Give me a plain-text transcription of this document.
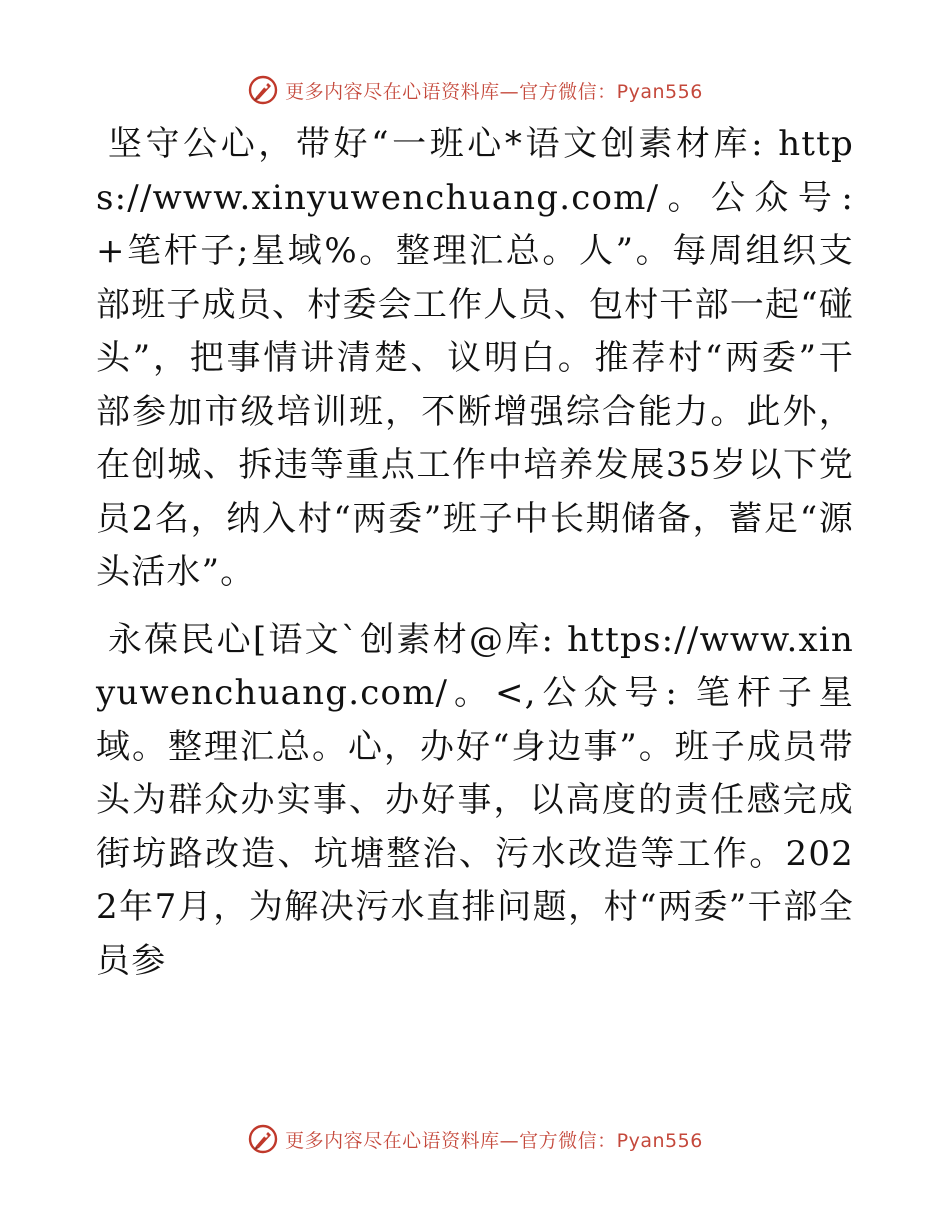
更多内容尽在心语资料库—官方微信：Pyan556

坚守公心，带好“一班心*语文创素材库: https://www.xinyuwenchuang.com/。公众号: +笔杆子;星域%。整理汇总。人”。每周组织支部班子成员、村委会工作人员、包村干部一起“碰头”，把事情讲清楚、议明白。推荐村“两委”干部参加市级培训班，不断增强综合能力。此外，在创城、拆违等重点工作中培养发展35岁以下党员2名，纳入村“两委”班子中长期储备，蓄足“源头活水”。

永葆民心[语文`创素材@库: https://www.xinyuwenchuang.com/。<,公众号: 笔杆子星域。整理汇总。心，办好“身边事”。班子成员带头为群众办实事、办好事，以高度的责任感完成街坊路改造、坑塘整治、污水改造等工作。2022年7月，为解决污水直排问题，村“两委”干部全员参

更多内容尽在心语资料库—官方微信：Pyan556
